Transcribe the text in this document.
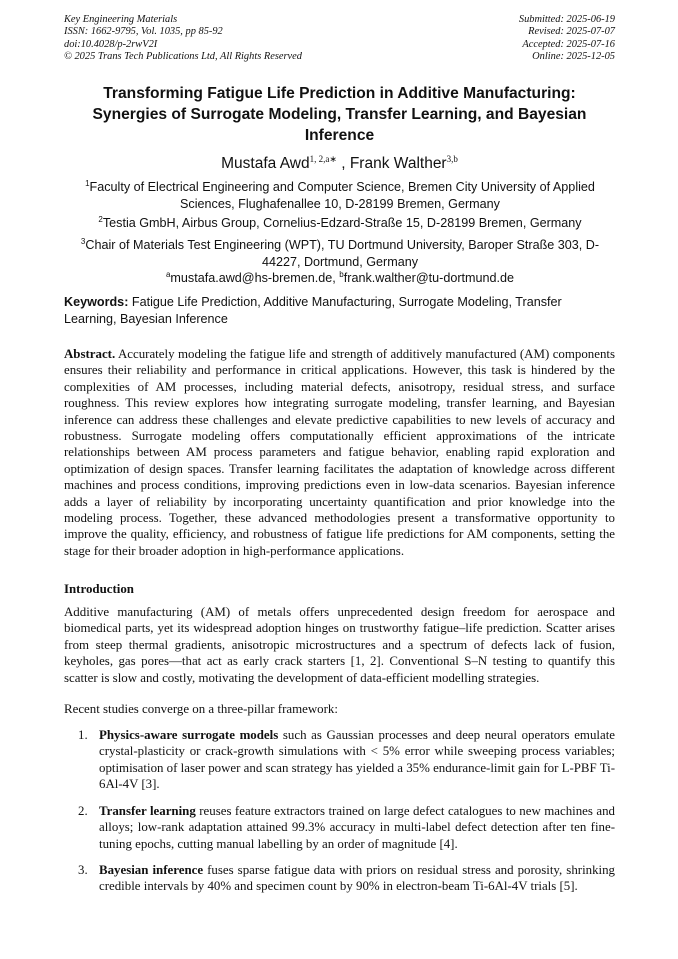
Key Engineering Materials
ISSN: 1662-9795, Vol. 1035, pp 85-92
doi:10.4028/p-2rwV2I
© 2025 Trans Tech Publications Ltd, All Rights Reserved
Submitted: 2025-06-19
Revised: 2025-07-07
Accepted: 2025-07-16
Online: 2025-12-05
Transforming Fatigue Life Prediction in Additive Manufacturing: Synergies of Surrogate Modeling, Transfer Learning, and Bayesian Inference
Mustafa Awd$^{1, 2,a∗}$ , Frank Walther$^{3,b}$
$^1$Faculty of Electrical Engineering and Computer Science, Bremen City University of Applied Sciences, Flughafenallee 10, D-28199 Bremen, Germany
$^2$Testia GmbH, Airbus Group, Cornelius-Edzard-Straße 15, D-28199 Bremen, Germany
$^3$Chair of Materials Test Engineering (WPT), TU Dortmund University, Baroper Straße 303, D-44227, Dortmund, Germany
$^a$mustafa.awd@hs-bremen.de, $^b$frank.walther@tu-dortmund.de
Keywords: Fatigue Life Prediction, Additive Manufacturing, Surrogate Modeling, Transfer Learning, Bayesian Inference
Abstract. Accurately modeling the fatigue life and strength of additively manufactured (AM) components ensures their reliability and performance in critical applications. However, this task is hindered by the complexities of AM processes, including material defects, anisotropy, residual stress, and surface roughness. This review explores how integrating surrogate modeling, transfer learning, and Bayesian inference can address these challenges and elevate predictive capabilities to new levels of accuracy and robustness. Surrogate modeling offers computationally efficient approximations of the intricate relationships between AM process parameters and fatigue behavior, enabling rapid exploration and optimization of design spaces. Transfer learning facilitates the adaptation of knowledge across different machines and process conditions, improving predictions even in low-data scenarios. Bayesian inference adds a layer of reliability by incorporating uncertainty quantification and prior knowledge into the modeling process. Together, these advanced methodologies present a transformative opportunity to improve the quality, efficiency, and robustness of fatigue life predictions for AM components, setting the stage for their broader adoption in high-performance applications.
Introduction
Additive manufacturing (AM) of metals offers unprecedented design freedom for aerospace and biomedical parts, yet its widespread adoption hinges on trustworthy fatigue–life prediction. Scatter arises from steep thermal gradients, anisotropic microstructures and a spectrum of defects lack of fusion, keyholes, gas pores—that act as early crack starters [1, 2]. Conventional S–N testing to quantify this scatter is slow and costly, motivating the development of data-efficient modelling strategies.
Recent studies converge on a three-pillar framework:
1. Physics-aware surrogate models such as Gaussian processes and deep neural operators emulate crystal-plasticity or crack-growth simulations with < 5% error while sweeping process variables; optimisation of laser power and scan strategy has yielded a 35% endurance-limit gain for L-PBF Ti-6Al-4V [3].
2. Transfer learning reuses feature extractors trained on large defect catalogues to new machines and alloys; low-rank adaptation attained 99.3% accuracy in multi-label defect detection after ten fine-tuning epochs, cutting manual labelling by an order of magnitude [4].
3. Bayesian inference fuses sparse fatigue data with priors on residual stress and porosity, shrinking credible intervals by 40% and specimen count by 90% in electron-beam Ti-6Al-4V trials [5].
